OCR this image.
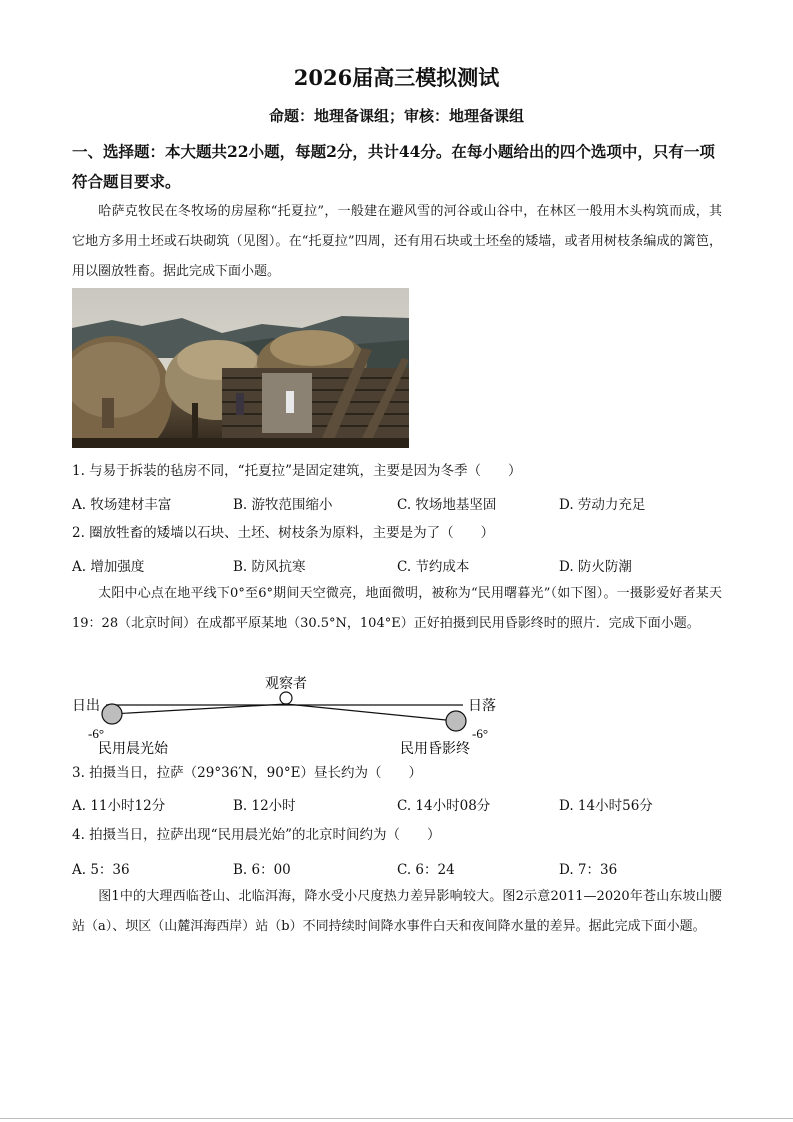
2026届高三模拟测试
命题：地理备课组；审核：地理备课组
一、选择题：本大题共22小题，每题2分，共计44分。在每小题给出的四个选项中，只有一项符合题目要求。
哈萨克牧民在冬牧场的房屋称“托夏拉”，一般建在避风雪的河谷或山谷中，在林区一般用木头构筑而成，其它地方多用土坯或石块砌筑（见图）。在“托夏拉”四周，还有用石块或土坯垒的矮墙，或者用树枝条编成的篱笆，用以圈放牲畜。据此完成下面小题。
1. 与易于拆装的毡房不同，“托夏拉”是固定建筑，主要是因为冬季（　　）
A. 牧场建材丰富	B. 游牧范围缩小	C. 牧场地基坚固	D. 劳动力充足
2. 圈放牲畜的矮墙以石块、土坯、树枝条为原料，主要是为了（　　）
A. 增加强度	B. 防风抗寒	C. 节约成本	D. 防火防潮
太阳中心点在地平线下0°至6°期间天空微亮，地面微明，被称为“民用曙暮光”（如下图）。一摄影爱好者某天19：28（北京时间）在成都平原某地（30.5°N，104°E）正好拍摄到民用昏影终时的照片．完成下面小题。
观察者
日出	日落
-6°	-6°
民用晨光始	民用昏影终
3. 拍摄当日，拉萨（29°36′N，90°E）昼长约为（　　）
A. 11小时12分	B. 12小时	C. 14小时08分	D. 14小时56分
4. 拍摄当日，拉萨出现“民用晨光始”的北京时间约为（　　）
A. 5：36	B. 6：00	C. 6：24	D. 7：36
图1中的大理西临苍山、北临洱海，降水受小尺度热力差异影响较大。图2示意2011—2020年苍山东坡山腰站（a）、坝区（山麓洱海西岸）站（b）不同持续时间降水事件白天和夜间降水量的差异。据此完成下面小题。
